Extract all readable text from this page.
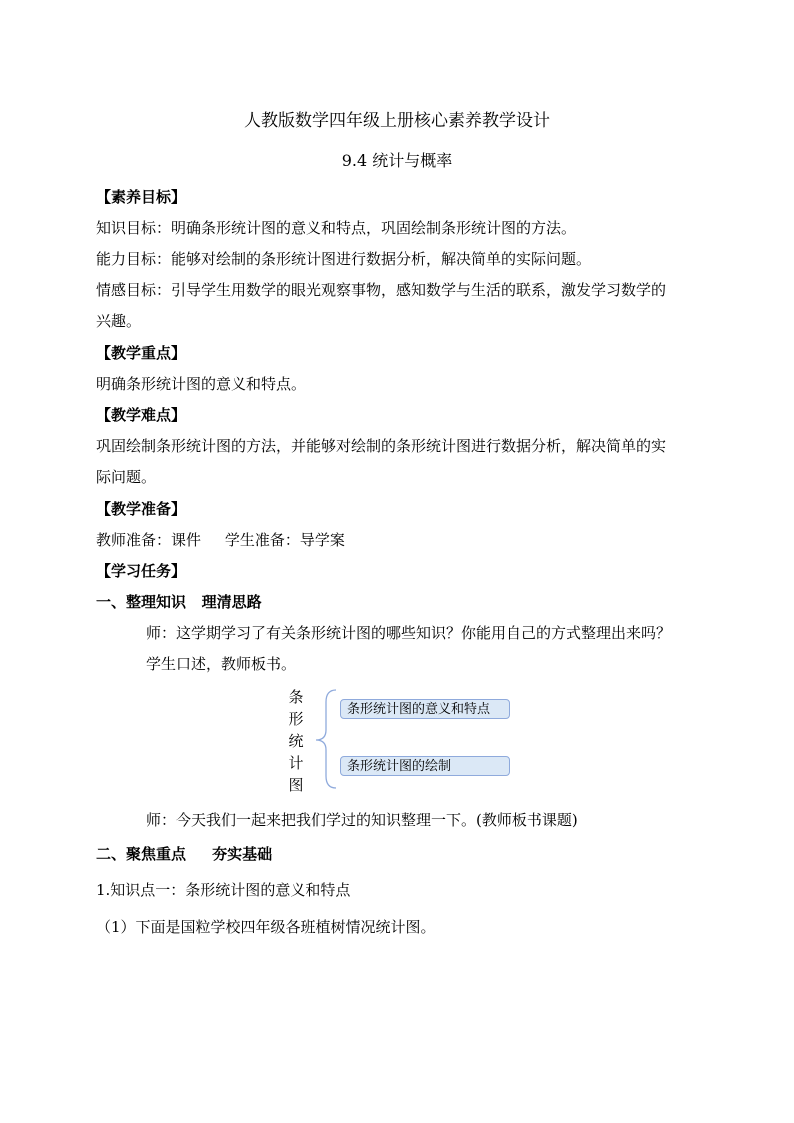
人教版数学四年级上册核心素养教学设计
9.4 统计与概率
【素养目标】
知识目标：明确条形统计图的意义和特点，巩固绘制条形统计图的方法。
能力目标：能够对绘制的条形统计图进行数据分析，解决简单的实际问题。
情感目标：引导学生用数学的眼光观察事物，感知数学与生活的联系，激发学习数学的
兴趣。
【教学重点】
明确条形统计图的意义和特点。
【教学难点】
巩固绘制条形统计图的方法，并能够对绘制的条形统计图进行数据分析，解决简单的实
际问题。
【教学准备】
教师准备：课件     学生准备：导学案
【学习任务】
一、整理知识   理清思路
师：这学期学习了有关条形统计图的哪些知识？你能用自己的方式整理出来吗？
学生口述，教师板书。
条
形
统
计
图
条形统计图的意义和特点
条形统计图的绘制
师：今天我们一起来把我们学过的知识整理一下。(教师板书课题)
二、聚焦重点     夯实基础
1.知识点一：条形统计图的意义和特点
（1）下面是国粒学校四年级各班植树情况统计图。
